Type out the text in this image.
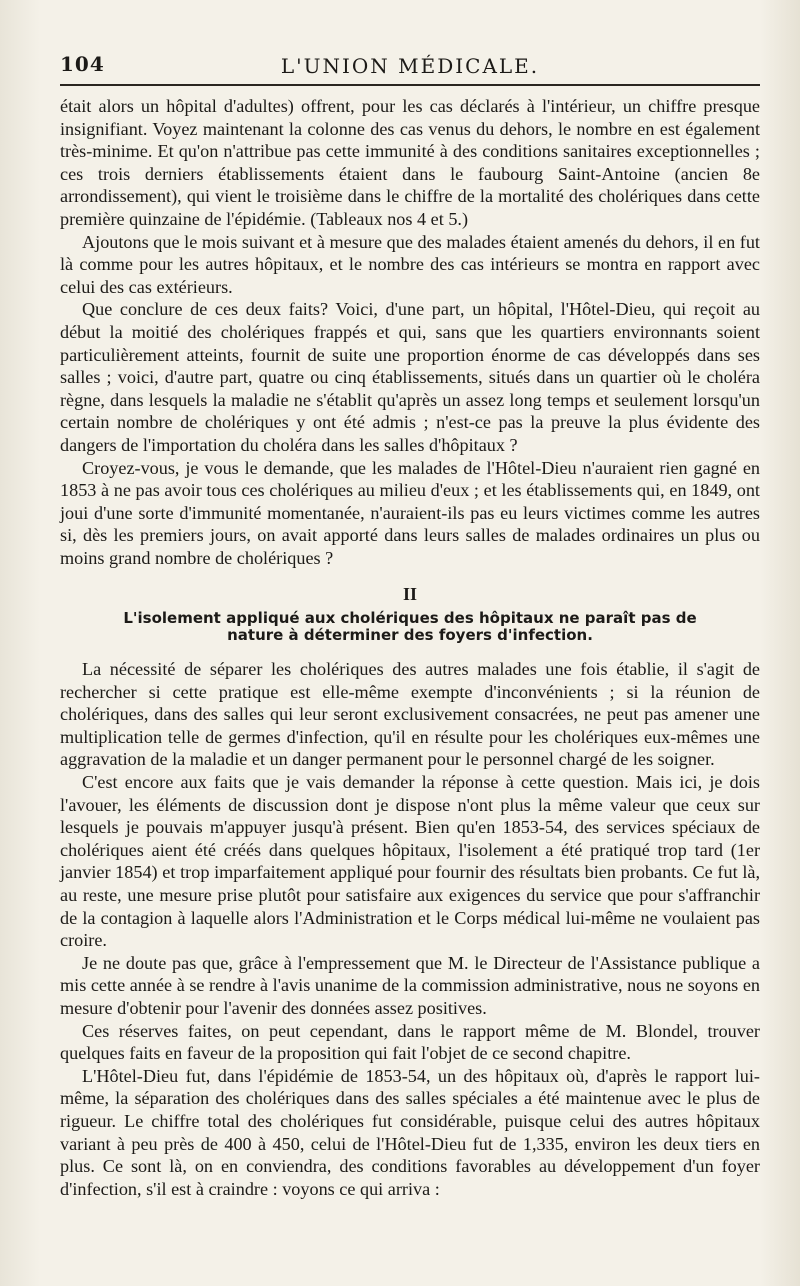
104	L'UNION MÉDICALE.

était alors un hôpital d'adultes) offrent, pour les cas déclarés à l'intérieur, un chiffre presque insignifiant. Voyez maintenant la colonne des cas venus du dehors, le nombre en est également très-minime. Et qu'on n'attribue pas cette immunité à des conditions sanitaires exceptionnelles ; ces trois derniers établissements étaient dans le faubourg Saint-Antoine (ancien 8e arrondissement), qui vient le troisième dans le chiffre de la mortalité des cholériques dans cette première quinzaine de l'épidémie. (Tableaux nos 4 et 5.)

Ajoutons que le mois suivant et à mesure que des malades étaient amenés du dehors, il en fut là comme pour les autres hôpitaux, et le nombre des cas intérieurs se montra en rapport avec celui des cas extérieurs.

Que conclure de ces deux faits? Voici, d'une part, un hôpital, l'Hôtel-Dieu, qui reçoit au début la moitié des cholériques frappés et qui, sans que les quartiers environnants soient particulièrement atteints, fournit de suite une proportion énorme de cas développés dans ses salles ; voici, d'autre part, quatre ou cinq établissements, situés dans un quartier où le choléra règne, dans lesquels la maladie ne s'établit qu'après un assez long temps et seulement lorsqu'un certain nombre de cholériques y ont été admis ; n'est-ce pas la preuve la plus évidente des dangers de l'importation du choléra dans les salles d'hôpitaux ?

Croyez-vous, je vous le demande, que les malades de l'Hôtel-Dieu n'auraient rien gagné en 1853 à ne pas avoir tous ces cholériques au milieu d'eux ; et les établissements qui, en 1849, ont joui d'une sorte d'immunité momentanée, n'auraient-ils pas eu leurs victimes comme les autres si, dès les premiers jours, on avait apporté dans leurs salles de malades ordinaires un plus ou moins grand nombre de cholériques ?

II
L'isolement appliqué aux cholériques des hôpitaux ne paraît pas de nature à déterminer des foyers d'infection.

La nécessité de séparer les cholériques des autres malades une fois établie, il s'agit de rechercher si cette pratique est elle-même exempte d'inconvénients ; si la réunion de cholériques, dans des salles qui leur seront exclusivement consacrées, ne peut pas amener une multiplication telle de germes d'infection, qu'il en résulte pour les cholériques eux-mêmes une aggravation de la maladie et un danger permanent pour le personnel chargé de les soigner.

C'est encore aux faits que je vais demander la réponse à cette question. Mais ici, je dois l'avouer, les éléments de discussion dont je dispose n'ont plus la même valeur que ceux sur lesquels je pouvais m'appuyer jusqu'à présent. Bien qu'en 1853-54, des services spéciaux de cholériques aient été créés dans quelques hôpitaux, l'isolement a été pratiqué trop tard (1er janvier 1854) et trop imparfaitement appliqué pour fournir des résultats bien probants. Ce fut là, au reste, une mesure prise plutôt pour satisfaire aux exigences du service que pour s'affranchir de la contagion à laquelle alors l'Administration et le Corps médical lui-même ne voulaient pas croire.

Je ne doute pas que, grâce à l'empressement que M. le Directeur de l'Assistance publique a mis cette année à se rendre à l'avis unanime de la commission administrative, nous ne soyons en mesure d'obtenir pour l'avenir des données assez positives.

Ces réserves faites, on peut cependant, dans le rapport même de M. Blondel, trouver quelques faits en faveur de la proposition qui fait l'objet de ce second chapitre.

L'Hôtel-Dieu fut, dans l'épidémie de 1853-54, un des hôpitaux où, d'après le rapport lui-même, la séparation des cholériques dans des salles spéciales a été maintenue avec le plus de rigueur. Le chiffre total des cholériques fut considérable, puisque celui des autres hôpitaux variant à peu près de 400 à 450, celui de l'Hôtel-Dieu fut de 1,335, environ les deux tiers en plus. Ce sont là, on en conviendra, des conditions favorables au développement d'un foyer d'infection, s'il est à craindre : voyons ce qui arriva :
